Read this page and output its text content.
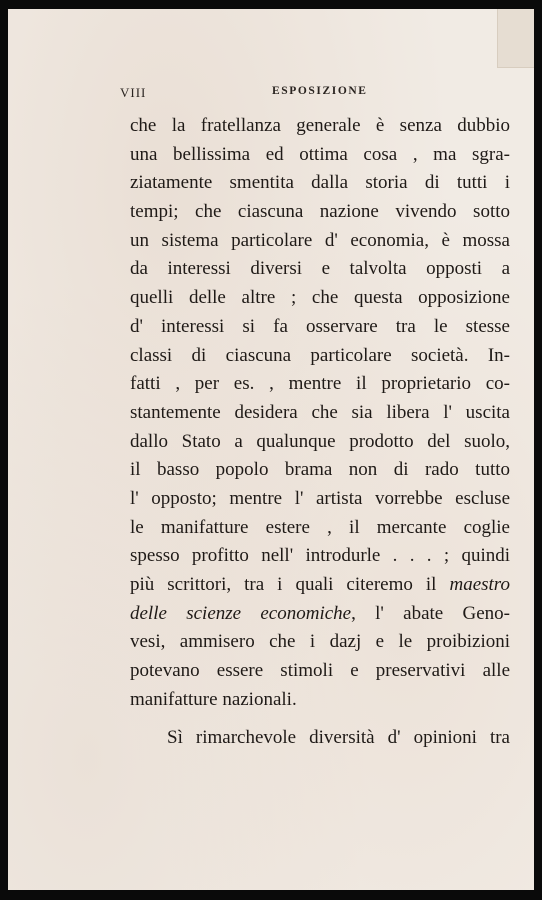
VIII	ESPOSIZIONE
che la fratellanza generale è senza dubbio
una bellissima ed ottima cosa , ma sgra-
ziatamente smentita dalla storia di tutti i
tempi; che ciascuna nazione vivendo sotto
un sistema particolare d' economia, è mossa
da interessi diversi e talvolta opposti a
quelli delle altre ; che questa opposizione
d' interessi si fa osservare tra le stesse
classi di ciascuna particolare società. In-
fatti , per es. , mentre il proprietario co-
stantemente desidera che sia libera l' uscita
dallo Stato a qualunque prodotto del suolo,
il basso popolo brama non di rado tutto
l' opposto; mentre l' artista vorrebbe escluse
le manifatture estere , il mercante coglie
spesso profitto nell' introdurle . . . ; quindi
più scrittori, tra i quali citeremo il maestro
delle scienze economiche, l' abate Geno-
vesi, ammisero che i dazj e le proibizioni
potevano essere stimoli e preservativi alle
manifatture nazionali.
Sì rimarchevole diversità d' opinioni tra
